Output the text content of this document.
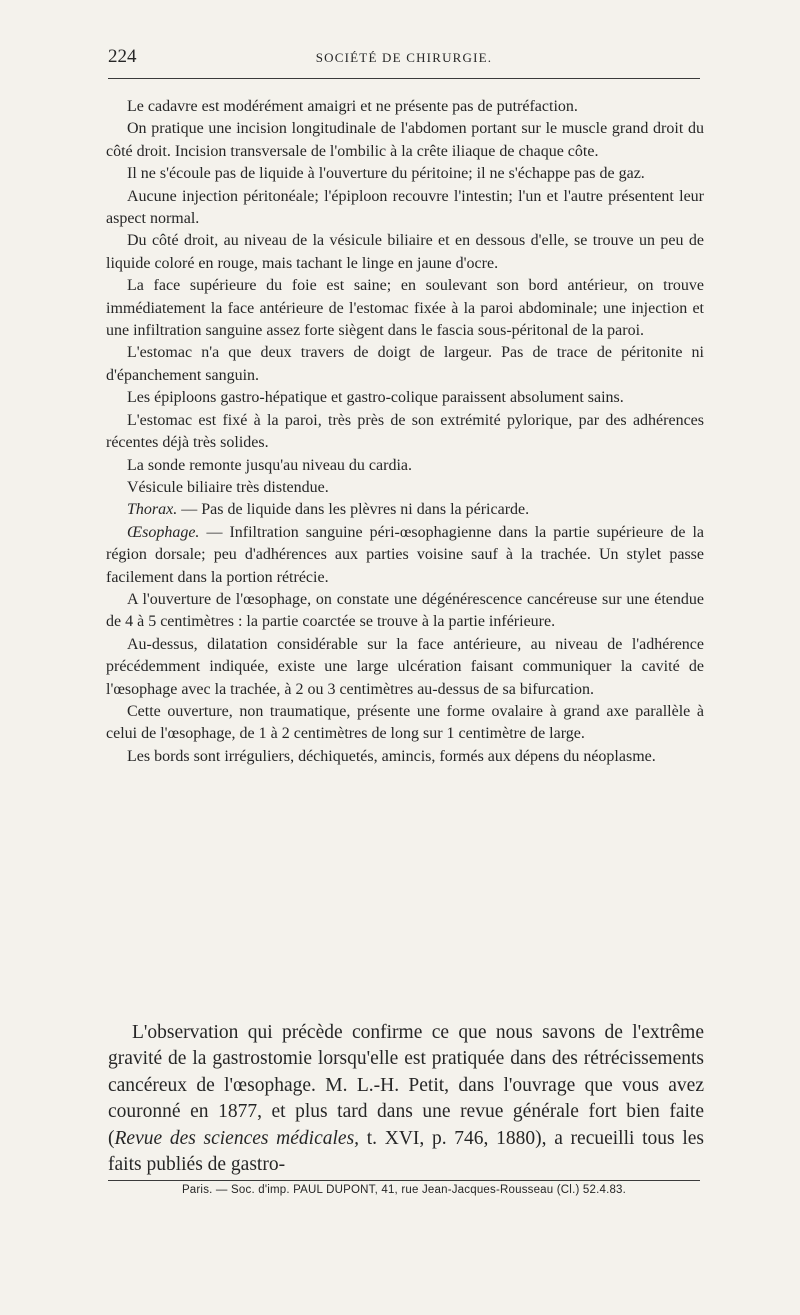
224	SOCIÉTÉ DE CHIRURGIE.

Le cadavre est modérément amaigri et ne présente pas de putréfaction.

On pratique une incision longitudinale de l'abdomen portant sur le muscle grand droit du côté droit. Incision transversale de l'ombilic à la crête iliaque de chaque côte.

Il ne s'écoule pas de liquide à l'ouverture du péritoine; il ne s'échappe pas de gaz.

Aucune injection péritonéale; l'épiploon recouvre l'intestin; l'un et l'autre présentent leur aspect normal.

Du côté droit, au niveau de la vésicule biliaire et en dessous d'elle, se trouve un peu de liquide coloré en rouge, mais tachant le linge en jaune d'ocre.

La face supérieure du foie est saine; en soulevant son bord antérieur, on trouve immédiatement la face antérieure de l'estomac fixée à la paroi abdominale; une injection et une infiltration sanguine assez forte siègent dans le fascia sous-péritonal de la paroi.

L'estomac n'a que deux travers de doigt de largeur. Pas de trace de péritonite ni d'épanchement sanguin.

Les épiploons gastro-hépatique et gastro-colique paraissent absolument sains.

L'estomac est fixé à la paroi, très près de son extrémité pylorique, par des adhérences récentes déjà très solides.

La sonde remonte jusqu'au niveau du cardia.

Vésicule biliaire très distendue.

Thorax. — Pas de liquide dans les plèvres ni dans la péricarde.

Œsophage. — Infiltration sanguine péri-œsophagienne dans la partie supérieure de la région dorsale; peu d'adhérences aux parties voisine sauf à la trachée. Un stylet passe facilement dans la portion rétrécie.

A l'ouverture de l'œsophage, on constate une dégénérescence cancéreuse sur une étendue de 4 à 5 centimètres : la partie coarctée se trouve à la partie inférieure.

Au-dessus, dilatation considérable sur la face antérieure, au niveau de l'adhérence précédemment indiquée, existe une large ulcération faisant communiquer la cavité de l'œsophage avec la trachée, à 2 ou 3 centimètres au-dessus de sa bifurcation.

Cette ouverture, non traumatique, présente une forme ovalaire à grand axe parallèle à celui de l'œsophage, de 1 à 2 centimètres de long sur 1 centimètre de large.

Les bords sont irréguliers, déchiquetés, amincis, formés aux dépens du néoplasme.

L'observation qui précède confirme ce que nous savons de l'extrême gravité de la gastrostomie lorsqu'elle est pratiquée dans des rétrécissements cancéreux de l'œsophage. M. L.-H. Petit, dans l'ouvrage que vous avez couronné en 1877, et plus tard dans une revue générale fort bien faite (Revue des sciences médicales, t. XVI, p. 746, 1880), a recueilli tous les faits publiés de gastro-

Paris. — Soc. d'imp. PAUL DUPONT, 41, rue Jean-Jacques-Rousseau (Cl.) 52.4.83.
